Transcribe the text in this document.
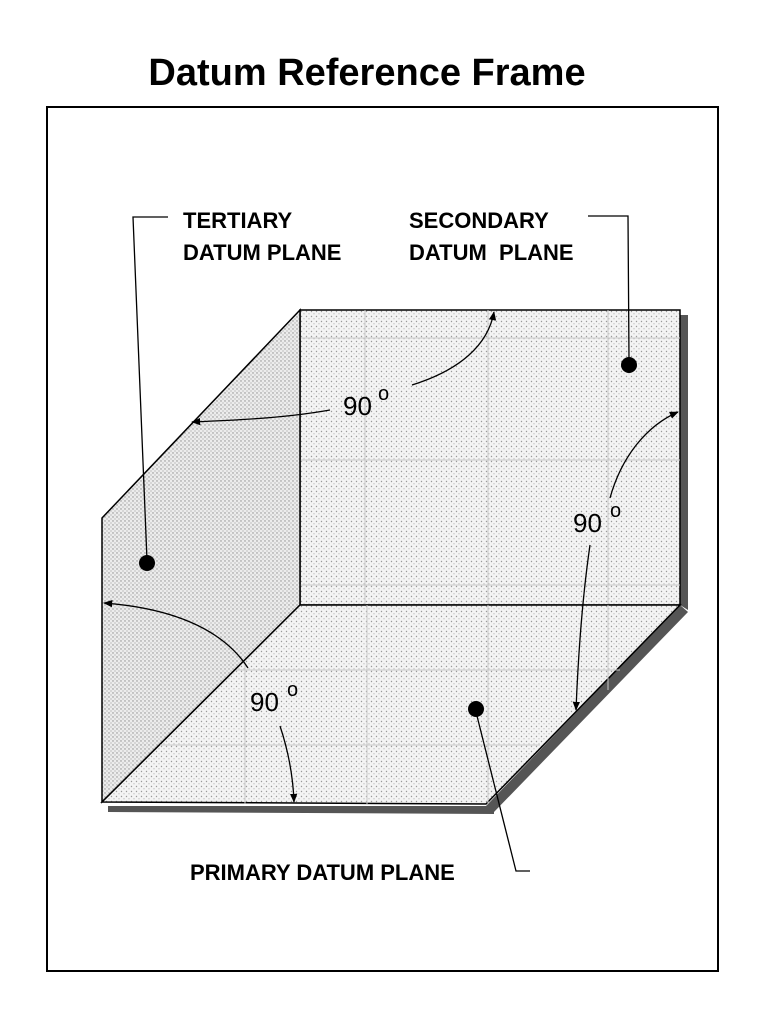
Datum Reference Frame
TERTIARY
DATUM PLANE
SECONDARY
DATUM  PLANE
PRIMARY DATUM PLANE
90 o
90 o
90 o
